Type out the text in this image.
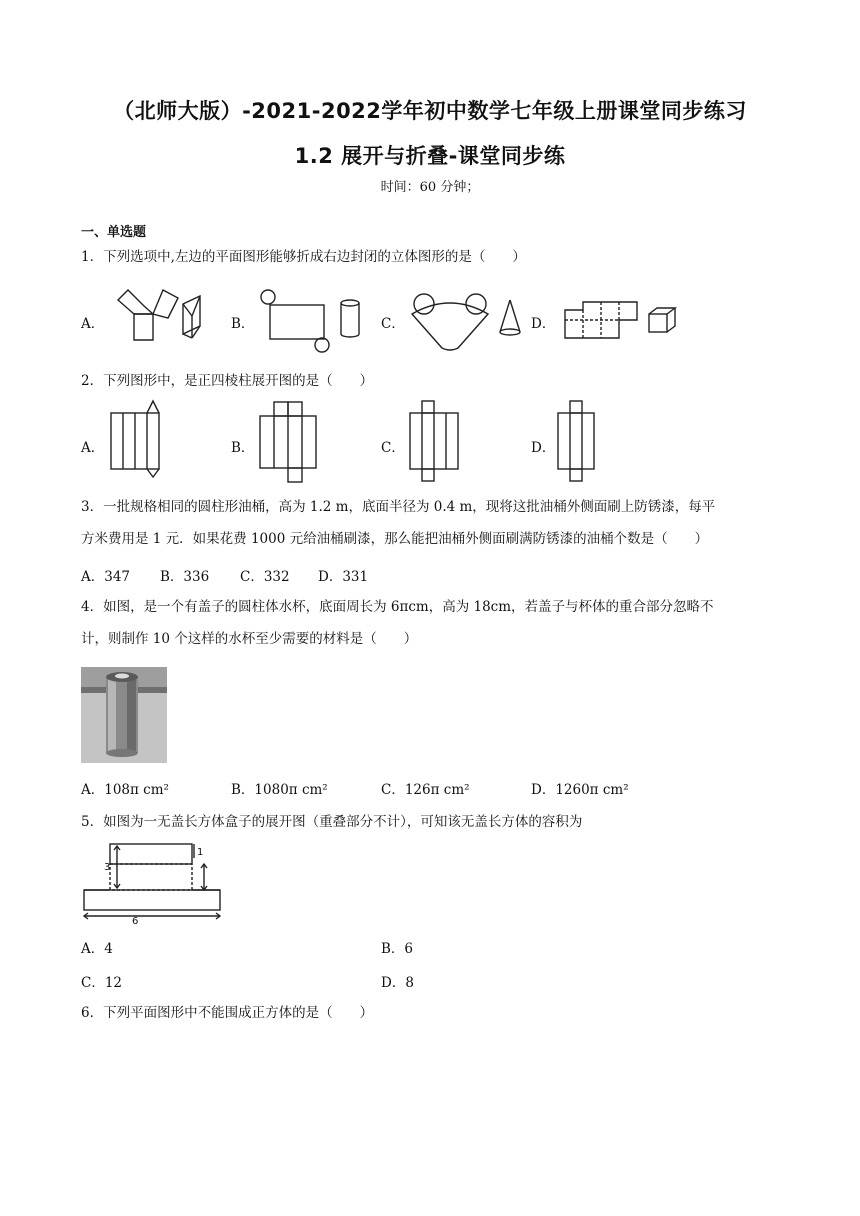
（北师大版）-2021-2022学年初中数学七年级上册课堂同步练习
1.2 展开与折叠-课堂同步练
时间：60 分钟；
一、单选题
1．下列选项中,左边的平面图形能够折成右边封闭的立体图形的是（　　）
A．	B．	C．	D．
2．下列图形中，是正四棱柱展开图的是（　　）
A．	B．	C．	D．
3．一批规格相同的圆柱形油桶，高为 1.2 m，底面半径为 0.4 m，现将这批油桶外侧面刷上防锈漆，每平
方米费用是 1 元．如果花费 1000 元给油桶刷漆，那么能把油桶外侧面刷满防锈漆的油桶个数是（　　）
A．347 B．336 C．332 D．331
4．如图，是一个有盖子的圆柱体水杯，底面周长为 6πcm，高为 18cm，若盖子与杯体的重合部分忽略不
计，则制作 10 个这样的水杯至少需要的材料是（　　）
A．108π cm²	B．1080π cm²	C．126π cm²	D．1260π cm²
5．如图为一无盖长方体盒子的展开图（重叠部分不计），可知该无盖长方体的容积为
3
1
6
A．4	B．6
C．12	D．8
6．下列平面图形中不能围成正方体的是（　　）
